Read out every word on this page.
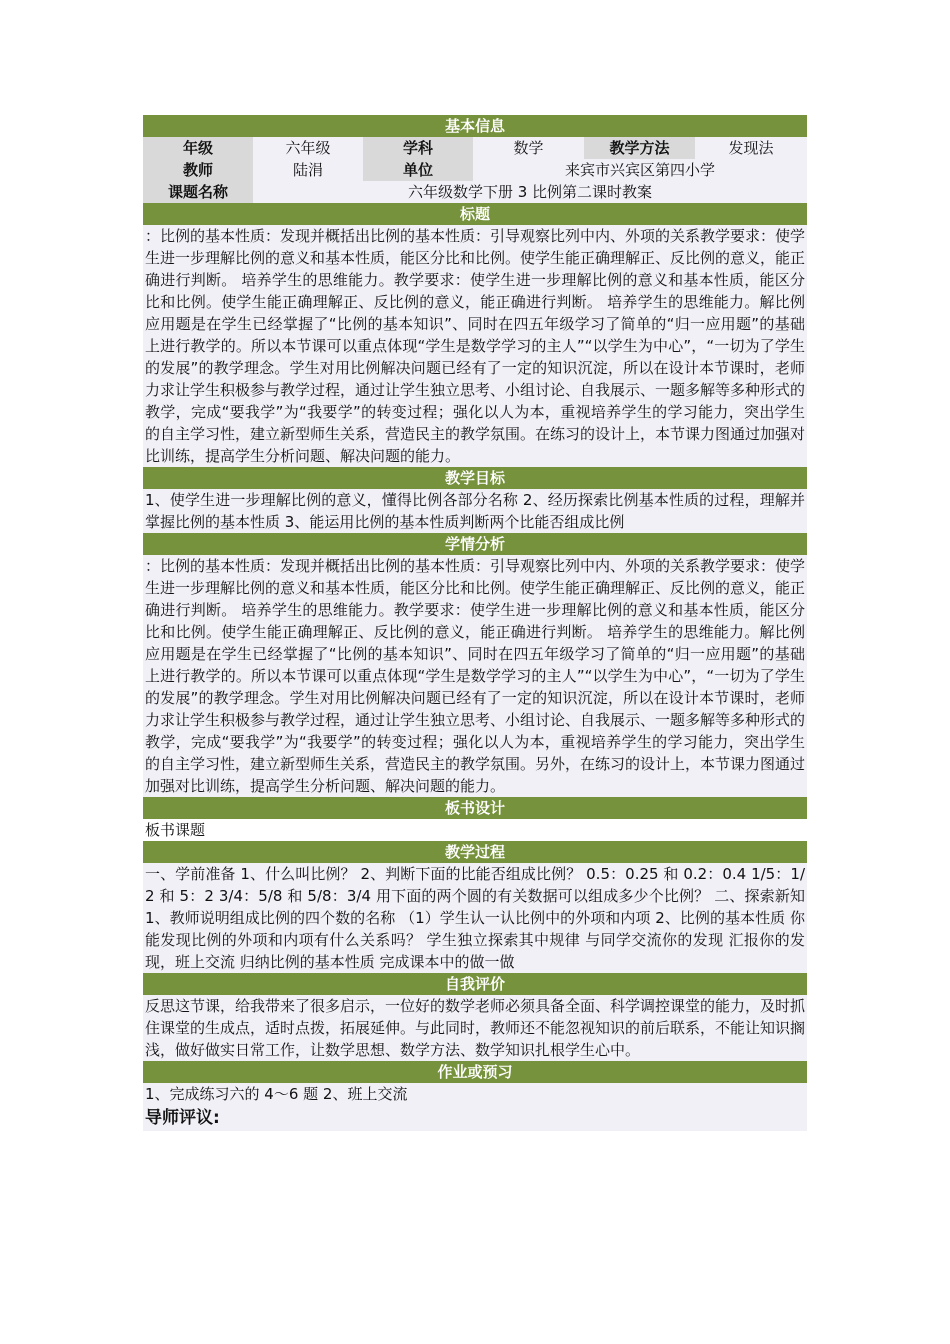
基本信息
年级	六年级	学科	数学	教学方法	发现法
教师	陆涓	单位	来宾市兴宾区第四小学
课题名称	六年级数学下册 3 比例第二课时教案
标题
：比例的基本性质：发现并概括出比例的基本性质：引导观察比列中内、外项的关系教学要求：使学生进一步理解比例的意义和基本性质，能区分比和比例。使学生能正确理解正、反比例的意义，能正确进行判断。 培养学生的思维能力。教学要求：使学生进一步理解比例的意义和基本性质，能区分比和比例。使学生能正确理解正、反比例的意义，能正确进行判断。 培养学生的思维能力。解比例应用题是在学生已经掌握了“比例的基本知识”、同时在四五年级学习了简单的“归一应用题”的基础上进行教学的。所以本节课可以重点体现“学生是数学学习的主人”“以学生为中心”，“一切为了学生的发展”的教学理念。学生对用比例解决问题已经有了一定的知识沉淀，所以在设计本节课时，老师力求让学生积极参与教学过程，通过让学生独立思考、小组讨论、自我展示、一题多解等多种形式的教学，完成“要我学”为“我要学”的转变过程；强化以人为本，重视培养学生的学习能力，突出学生的自主学习性，建立新型师生关系，营造民主的教学氛围。在练习的设计上，本节课力图通过加强对比训练，提高学生分析问题、解决问题的能力。
教学目标
1、使学生进一步理解比例的意义，懂得比例各部分名称 2、经历探索比例基本性质的过程，理解并掌握比例的基本性质 3、能运用比例的基本性质判断两个比能否组成比例
学情分析
：比例的基本性质：发现并概括出比例的基本性质：引导观察比列中内、外项的关系教学要求：使学生进一步理解比例的意义和基本性质，能区分比和比例。使学生能正确理解正、反比例的意义，能正确进行判断。 培养学生的思维能力。教学要求：使学生进一步理解比例的意义和基本性质，能区分比和比例。使学生能正确理解正、反比例的意义，能正确进行判断。 培养学生的思维能力。解比例应用题是在学生已经掌握了“比例的基本知识”、同时在四五年级学习了简单的“归一应用题”的基础上进行教学的。所以本节课可以重点体现“学生是数学学习的主人”“以学生为中心”，“一切为了学生的发展”的教学理念。学生对用比例解决问题已经有了一定的知识沉淀，所以在设计本节课时，老师力求让学生积极参与教学过程，通过让学生独立思考、小组讨论、自我展示、一题多解等多种形式的教学，完成“要我学”为“我要学”的转变过程；强化以人为本，重视培养学生的学习能力，突出学生的自主学习性，建立新型师生关系，营造民主的教学氛围。另外，在练习的设计上，本节课力图通过加强对比训练，提高学生分析问题、解决问题的能力。
板书设计
板书课题
教学过程
一、学前准备 1、什么叫比例？ 2、判断下面的比能否组成比例？ 0.5：0.25 和 0.2：0.4 1/5：1/2 和 5：2 3/4：5/8 和 5/8：3/4 用下面的两个圆的有关数据可以组成多少个比例？ 二、探索新知 1、教师说明组成比例的四个数的名称 （1）学生认一认比例中的外项和内项 2、比例的基本性质 你能发现比例的外项和内项有什么关系吗？ 学生独立探索其中规律 与同学交流你的发现 汇报你的发现，班上交流 归纳比例的基本性质 完成课本中的做一做
自我评价
反思这节课，给我带来了很多启示，一位好的数学老师必须具备全面、科学调控课堂的能力，及时抓住课堂的生成点，适时点拨，拓展延伸。与此同时，教师还不能忽视知识的前后联系，不能让知识搁浅，做好做实日常工作，让数学思想、数学方法、数学知识扎根学生心中。
作业或预习
1、完成练习六的 4～6 题 2、班上交流
导师评议:
